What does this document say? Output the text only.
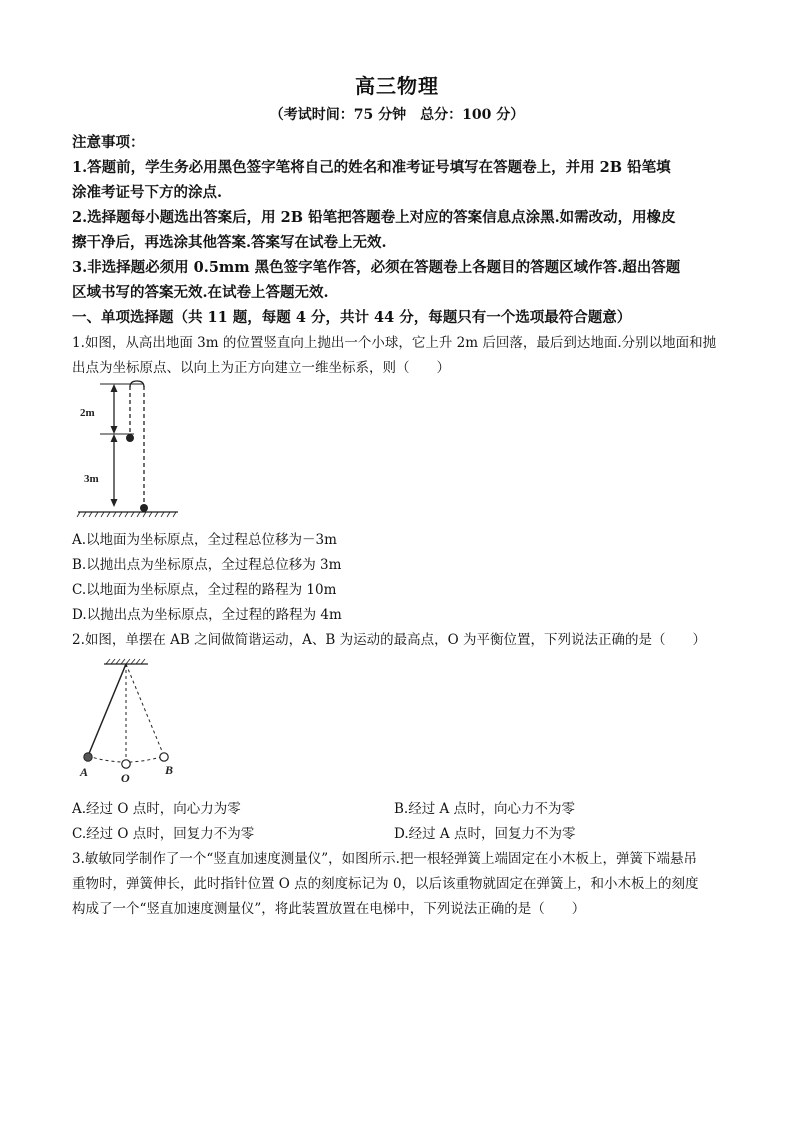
高三物理
（考试时间：75 分钟　总分：100 分）
注意事项：
1.答题前，学生务必用黑色签字笔将自己的姓名和准考证号填写在答题卷上，并用 2B 铅笔填
涂准考证号下方的涂点.
2.选择题每小题选出答案后，用 2B 铅笔把答题卷上对应的答案信息点涂黑.如需改动，用橡皮
擦干净后，再选涂其他答案.答案写在试卷上无效.
3.非选择题必须用 0.5mm 黑色签字笔作答，必须在答题卷上各题目的答题区域作答.超出答题
区域书写的答案无效.在试卷上答题无效.
一、单项选择题（共 11 题，每题 4 分，共计 44 分，每题只有一个选项最符合题意）
1.如图，从高出地面 3m 的位置竖直向上抛出一个小球，它上升 2m 后回落，最后到达地面.分别以地面和抛
出点为坐标原点、以向上为正方向建立一维坐标系，则（　　）
2m
3m
A.以地面为坐标原点，全过程总位移为－3m
B.以抛出点为坐标原点，全过程总位移为 3m
C.以地面为坐标原点，全过程的路程为 10m
D.以抛出点为坐标原点，全过程的路程为 4m
2.如图，单摆在 AB 之间做简谐运动，A、B 为运动的最高点，O 为平衡位置，下列说法正确的是（　　）
A	O
B
A.经过 O 点时，向心力为零	B.经过 A 点时，向心力不为零
C.经过 O 点时，回复力不为零	D.经过 A 点时，回复力不为零
3.敏敏同学制作了一个“竖直加速度测量仪”，如图所示.把一根轻弹簧上端固定在小木板上，弹簧下端悬吊
重物时，弹簧伸长，此时指针位置 O 点的刻度标记为 0，以后该重物就固定在弹簧上，和小木板上的刻度
构成了一个“竖直加速度测量仪”，将此装置放置在电梯中，下列说法正确的是（　　）
